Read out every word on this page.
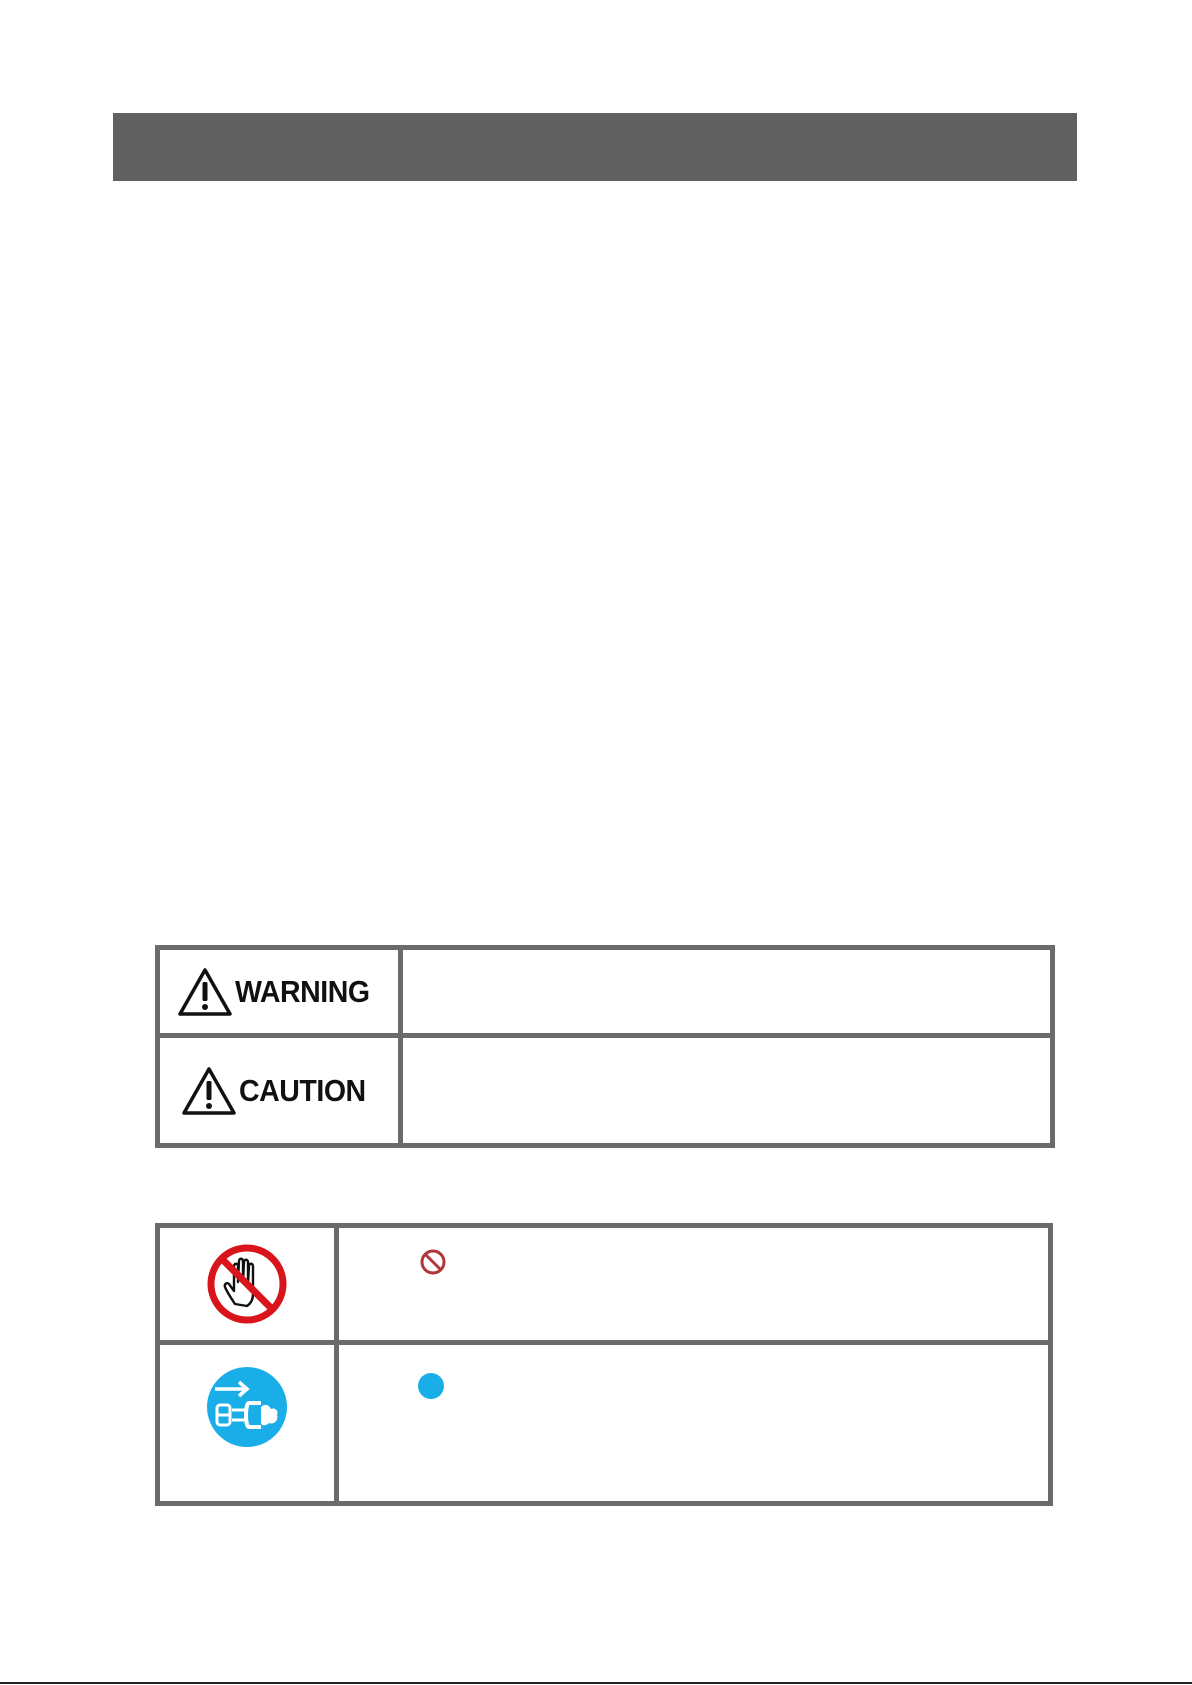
WARNING	

CAUTION	
